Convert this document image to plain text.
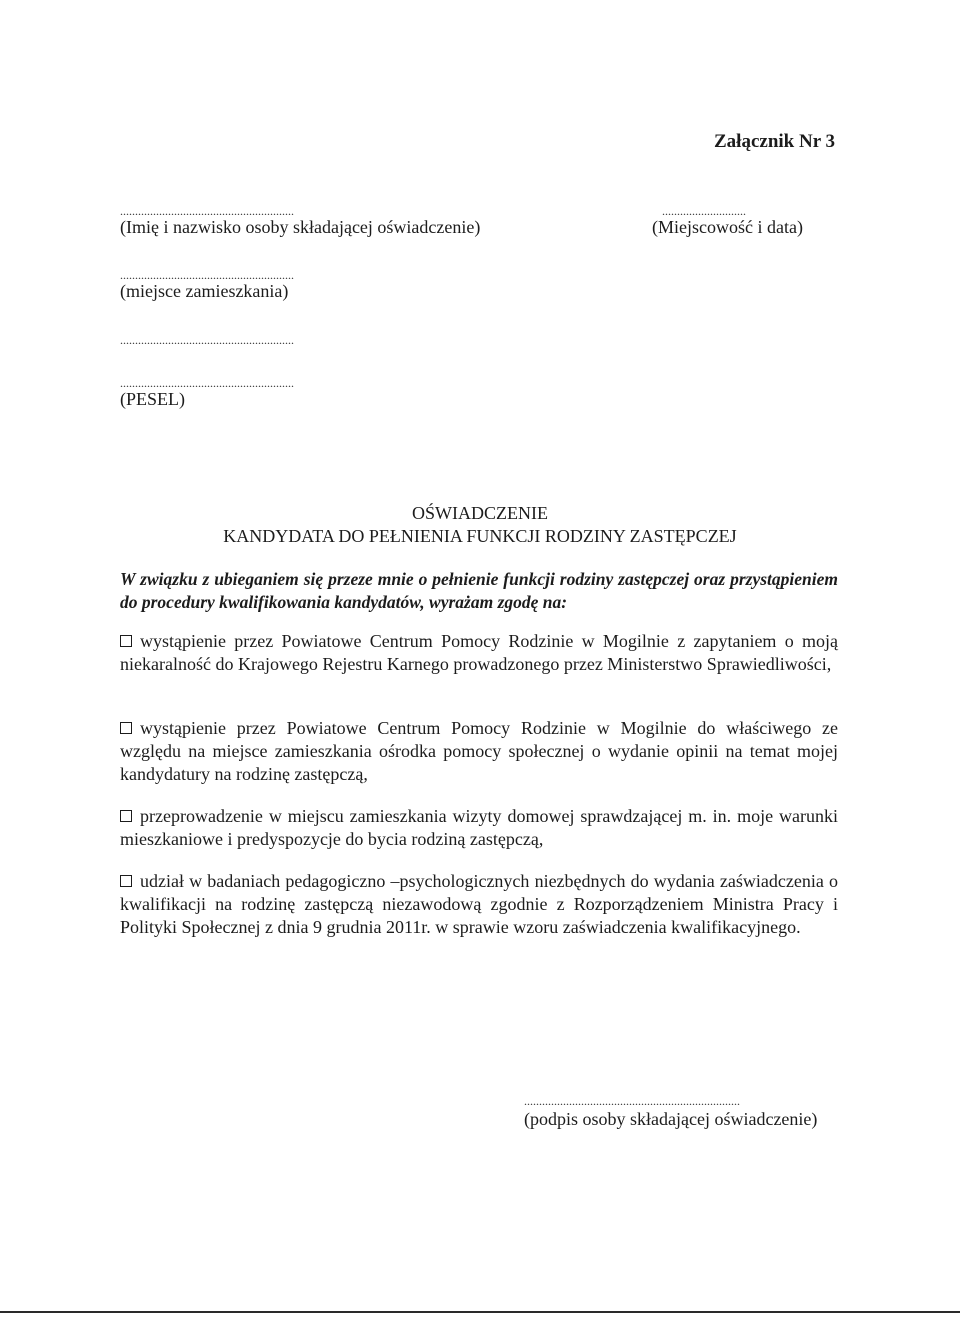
Załącznik Nr 3
..........................................................
(Imię i nazwisko osoby składającej oświadczenie)
............................
(Miejscowość i data)
..........................................................
(miejsce zamieszkania)
..........................................................
..........................................................
(PESEL)
OŚWIADCZENIE
KANDYDATA DO PEŁNIENIA FUNKCJI RODZINY ZASTĘPCZEJ
W związku z ubieganiem się przeze mnie o pełnienie funkcji rodziny zastępczej oraz przystąpieniem do procedury kwalifikowania kandydatów, wyrażam zgodę na:
wystąpienie przez Powiatowe Centrum Pomocy Rodzinie w Mogilnie z zapytaniem o moją niekaralność do Krajowego Rejestru Karnego prowadzonego przez Ministerstwo Sprawiedliwości,
wystąpienie przez Powiatowe Centrum Pomocy Rodzinie w Mogilnie do właściwego ze względu na miejsce zamieszkania ośrodka pomocy społecznej o wydanie opinii na temat mojej kandydatury na rodzinę zastępczą,
przeprowadzenie w miejscu zamieszkania wizyty domowej sprawdzającej m. in. moje warunki mieszkaniowe i predyspozycje do bycia rodziną zastępczą,
udział w badaniach pedagogiczno –psychologicznych niezbędnych do wydania zaświadczenia o kwalifikacji na rodzinę zastępczą niezawodową zgodnie z Rozporządzeniem Ministra Pracy i Polityki Społecznej z dnia 9 grudnia 2011r. w sprawie wzoru zaświadczenia kwalifikacyjnego.
........................................................................
(podpis osoby składającej oświadczenie)
